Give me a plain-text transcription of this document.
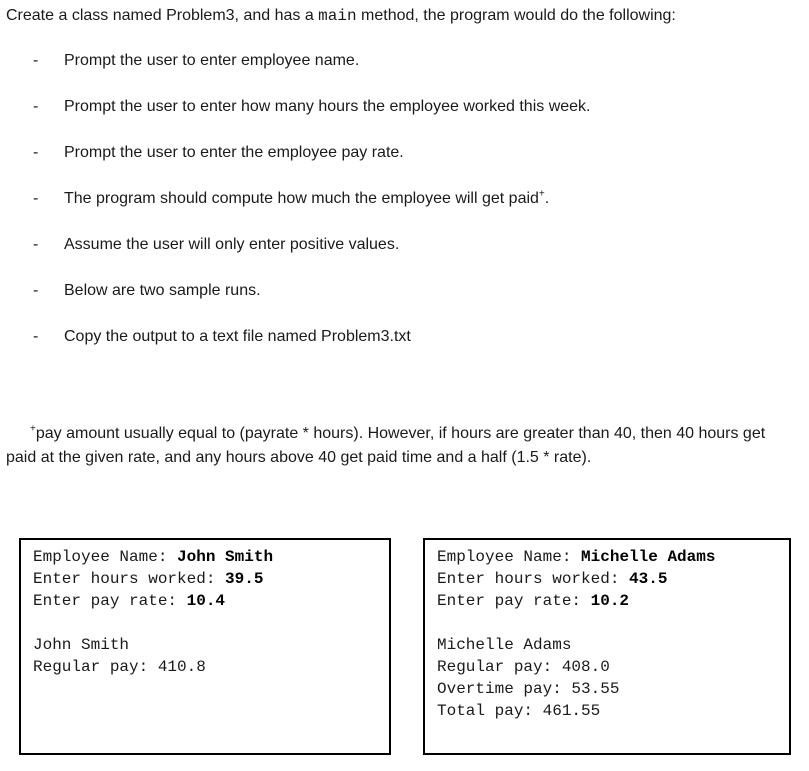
Create a class named Problem3, and has a main method, the program would do the following:
- Prompt the user to enter employee name.
- Prompt the user to enter how many hours the employee worked this week.
- Prompt the user to enter the employee pay rate.
- The program should compute how much the employee will get paid+.
- Assume the user will only enter positive values.
- Below are two sample runs.
- Copy the output to a text file named Problem3.txt
+pay amount usually equal to (payrate * hours). However, if hours are greater than 40, then 40 hours get paid at the given rate, and any hours above 40 get paid time and a half (1.5 * rate).
Employee Name: John Smith
Enter hours worked: 39.5
Enter pay rate: 10.4
John Smith
Regular pay: 410.8
Employee Name: Michelle Adams
Enter hours worked: 43.5
Enter pay rate: 10.2
Michelle Adams
Regular pay: 408.0
Overtime pay: 53.55
Total pay: 461.55
